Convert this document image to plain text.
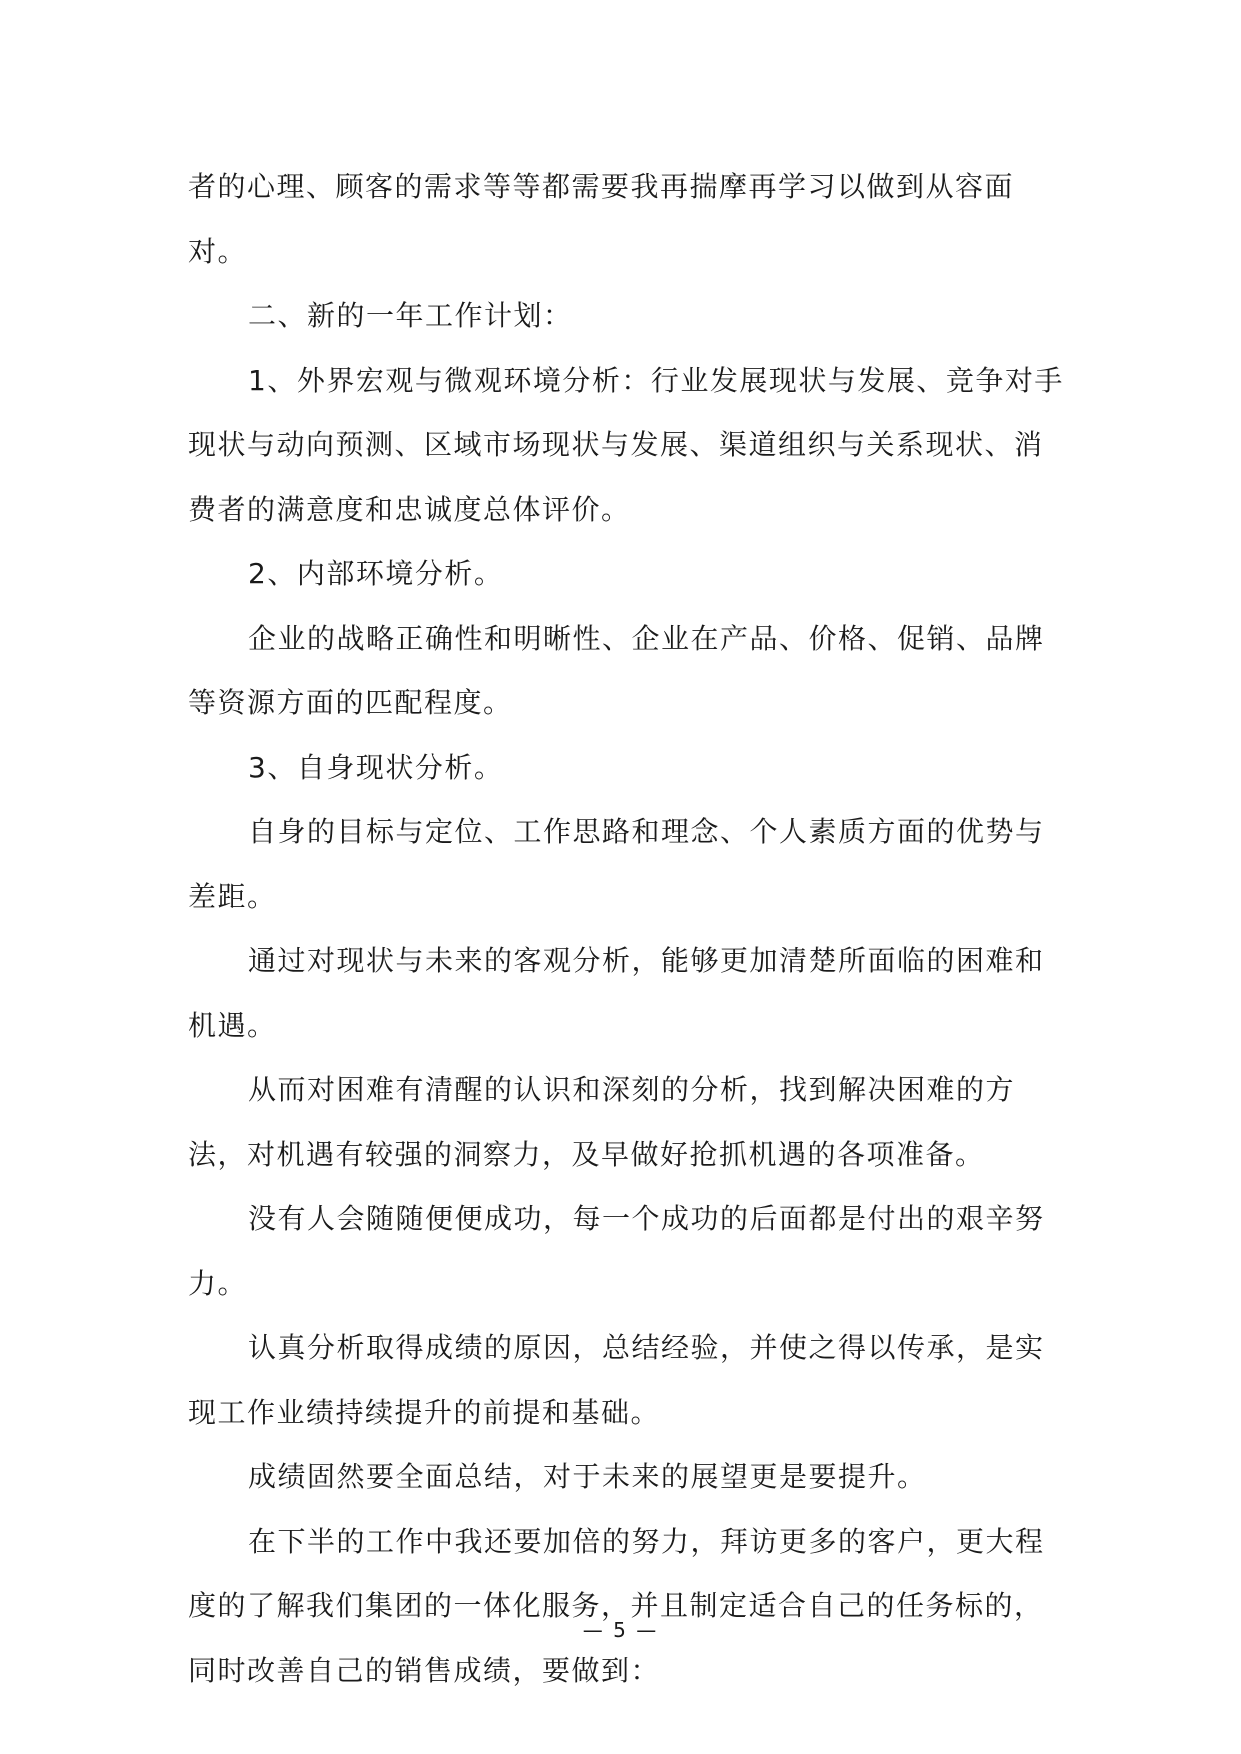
者的心理、顾客的需求等等都需要我再揣摩再学习以做到从容面对。

二、新的一年工作计划：

1、外界宏观与微观环境分析：行业发展现状与发展、竞争对手现状与动向预测、区域市场现状与发展、渠道组织与关系现状、消费者的满意度和忠诚度总体评价。

2、内部环境分析。

企业的战略正确性和明晰性、企业在产品、价格、促销、品牌等资源方面的匹配程度。

3、自身现状分析。

自身的目标与定位、工作思路和理念、个人素质方面的优势与差距。

通过对现状与未来的客观分析，能够更加清楚所面临的困难和机遇。

从而对困难有清醒的认识和深刻的分析，找到解决困难的方法，对机遇有较强的洞察力，及早做好抢抓机遇的各项准备。

没有人会随随便便成功，每一个成功的后面都是付出的艰辛努力。

认真分析取得成绩的原因，总结经验，并使之得以传承，是实现工作业绩持续提升的前提和基础。

成绩固然要全面总结，对于未来的展望更是要提升。

在下半的工作中我还要加倍的努力，拜访更多的客户，更大程度的了解我们集团的一体化服务，并且制定适合自己的任务标的，同时改善自己的销售成绩，要做到：

— 5 —
